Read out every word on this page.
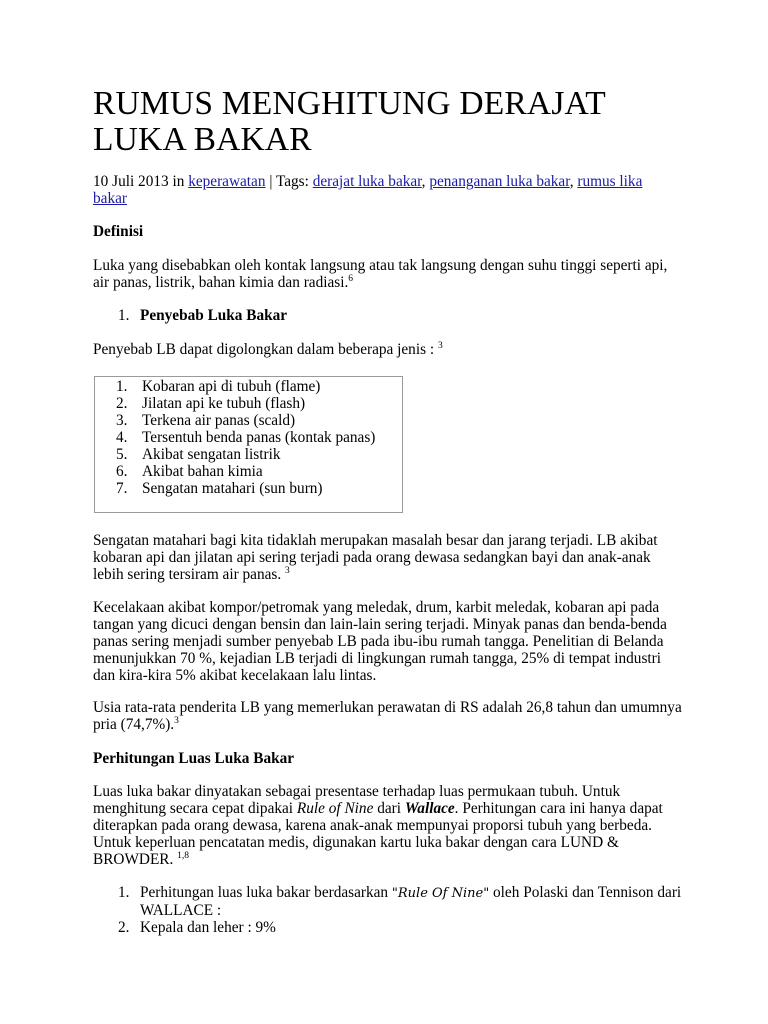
RUMUS MENGHITUNG DERAJAT LUKA BAKAR

10 Juli 2013 in keperawatan | Tags: derajat luka bakar, penanganan luka bakar, rumus lika bakar

Definisi

Luka yang disebabkan oleh kontak langsung atau tak langsung dengan suhu tinggi seperti api, air panas, listrik, bahan kimia dan radiasi.$^6$

1. Penyebab Luka Bakar

Penyebab LB dapat digolongkan dalam beberapa jenis : $^3$

1. Kobaran api di tubuh (flame)
2. Jilatan api ke tubuh (flash)
3. Terkena air panas (scald)
4. Tersentuh benda panas (kontak panas)
5. Akibat sengatan listrik
6. Akibat bahan kimia
7. Sengatan matahari (sun burn)

Sengatan matahari bagi kita tidaklah merupakan masalah besar dan jarang terjadi. LB akibat kobaran api dan jilatan api sering terjadi pada orang dewasa sedangkan bayi dan anak-anak lebih sering tersiram air panas. $^3$

Kecelakaan akibat kompor/petromak yang meledak, drum, karbit meledak, kobaran api pada tangan yang dicuci dengan bensin dan lain-lain sering terjadi. Minyak panas dan benda-benda panas sering menjadi sumber penyebab LB pada ibu-ibu rumah tangga. Penelitian di Belanda menunjukkan 70 %, kejadian LB terjadi di lingkungan rumah tangga, 25% di tempat industri dan kira-kira 5% akibat kecelakaan lalu lintas.

Usia rata-rata penderita LB yang memerlukan perawatan di RS adalah 26,8 tahun dan umumnya pria (74,7%).$^3$

Perhitungan Luas Luka Bakar

Luas luka bakar dinyatakan sebagai presentase terhadap luas permukaan tubuh. Untuk menghitung secara cepat dipakai Rule of Nine dari Wallace. Perhitungan cara ini hanya dapat diterapkan pada orang dewasa, karena anak-anak mempunyai proporsi tubuh yang berbeda. Untuk keperluan pencatatan medis, digunakan kartu luka bakar dengan cara LUND & BROWDER. $^{1,8}$

1. Perhitungan luas luka bakar berdasarkan "Rule Of Nine" oleh Polaski dan Tennison dari WALLACE :
2. Kepala dan leher : 9%
